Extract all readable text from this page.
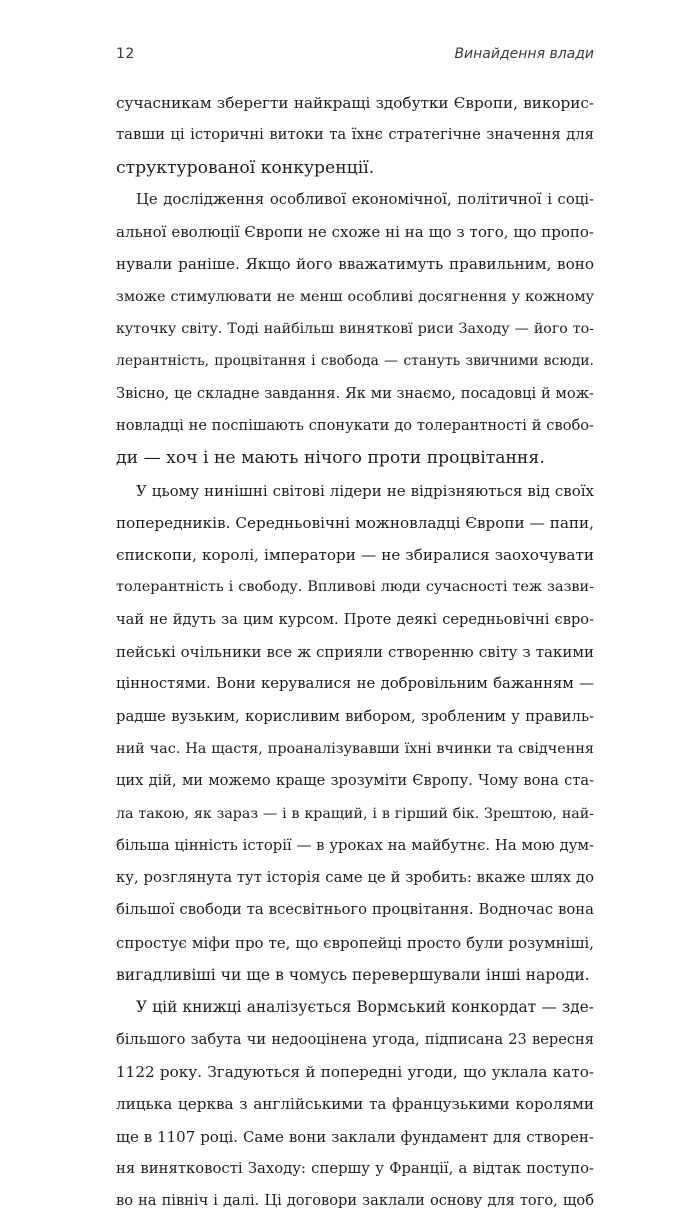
12	Винайдення влади
сучасникам зберегти найкращі здобутки Європи, викорис-
тавши ці історичні витоки та їхнє стратегічне значення для
структурованої конкуренції.
Це дослідження особливої економічної, політичної і соці-
альної еволюції Європи не схоже ні на що з того, що пропо-
нували раніше. Якщо його вважатимуть правильним, воно
зможе стимулювати не менш особливі досягнення у кожному
куточку світу. Тоді найбільш винятковї риси Заходу — його то-
лерантність, процвітання і свобода — стануть звичними всюди.
Звісно, це складне завдання. Як ми знаємо, посадовці й мож-
новладці не поспішають спонукати до толерантності й свобо-
ди — хоч і не мають нічого проти процвітання.
У цьому нинішні світові лідери не відрізняються від своїх
попередників. Середньовічні можновладці Європи — папи,
єпископи, королі, імператори — не збиралися заохочувати
толерантність і свободу. Впливові люди сучасності теж зазви-
чай не йдуть за цим курсом. Проте деякі середньовічні євро-
пейські очільники все ж сприяли створенню світу з такими
цінностями. Вони керувалися не добровільним бажанням —
радше вузьким, корисливим вибором, зробленим у правиль-
ний час. На щастя, проаналізувавши їхні вчинки та свідчення
цих дій, ми можемо краще зрозуміти Європу. Чому вона ста-
ла такою, як зараз — і в кращий, і в гірший бік. Зрештою, най-
більша цінність історії — в уроках на майбутнє. На мою дум-
ку, розглянута тут історія саме це й зробить: вкаже шлях до
більшої свободи та всесвітнього процвітання. Водночас вона
спростує міфи про те, що європейці просто були розумніші,
вигадливіші чи ще в чомусь перевершували інші народи.
У цій книжці аналізується Вормський конкордат — зде-
більшого забута чи недооцінена угода, підписана 23 вересня
1122 року. Згадуються й попередні угоди, що уклала като-
лицька церква з англійськими та французькими королями
ще в 1107 році. Саме вони заклали фундамент для створен-
ня винятковості Заходу: спершу у Франції, а відтак поступо-
во на північ і далі. Ці договори заклали основу для того, щоб
